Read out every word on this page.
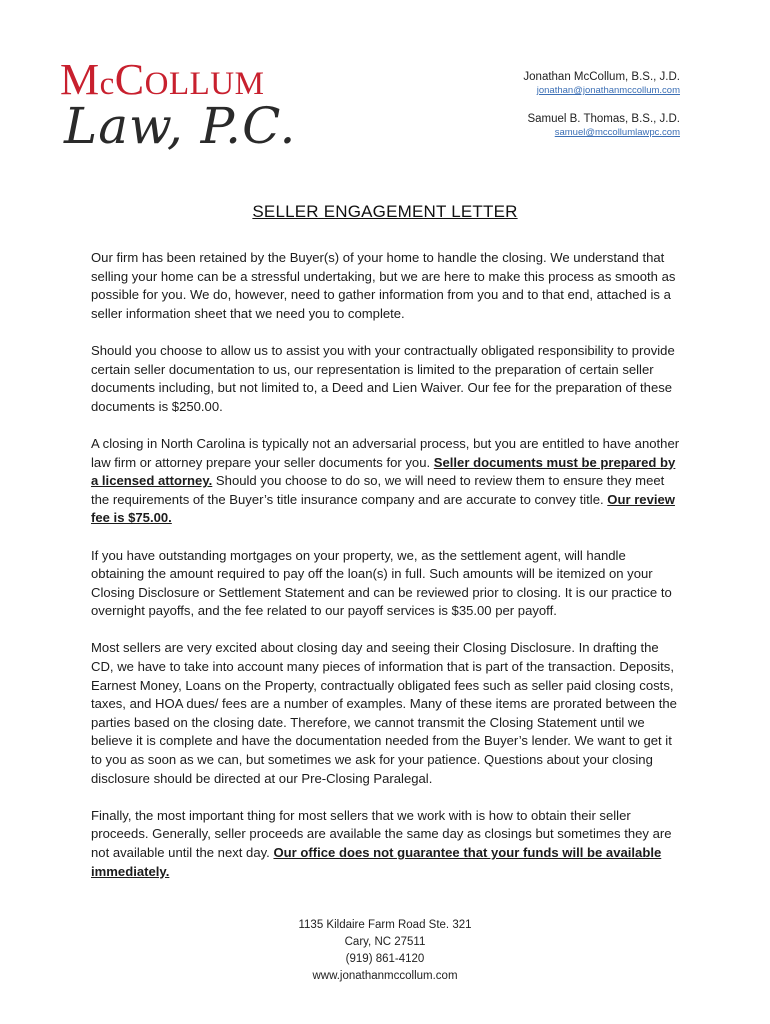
McCOLLUM
Law, P.C.
Jonathan McCollum, B.S., J.D.
jonathan@jonathanmccollum.com
Samuel B. Thomas, B.S., J.D.
samuel@mccollumlawpc.com
SELLER ENGAGEMENT LETTER

Our firm has been retained by the Buyer(s) of your home to handle the closing. We understand that selling your home can be a stressful undertaking, but we are here to make this process as smooth as possible for you. We do, however, need to gather information from you and to that end, attached is a seller information sheet that we need you to complete.

Should you choose to allow us to assist you with your contractually obligated responsibility to provide certain seller documentation to us, our representation is limited to the preparation of certain seller documents including, but not limited to, a Deed and Lien Waiver. Our fee for the preparation of these documents is $250.00.

A closing in North Carolina is typically not an adversarial process, but you are entitled to have another law firm or attorney prepare your seller documents for you. Seller documents must be prepared by a licensed attorney. Should you choose to do so, we will need to review them to ensure they meet the requirements of the Buyer’s title insurance company and are accurate to convey title. Our review fee is $75.00.

If you have outstanding mortgages on your property, we, as the settlement agent, will handle obtaining the amount required to pay off the loan(s) in full. Such amounts will be itemized on your Closing Disclosure or Settlement Statement and can be reviewed prior to closing. It is our practice to overnight payoffs, and the fee related to our payoff services is $35.00 per payoff.

Most sellers are very excited about closing day and seeing their Closing Disclosure. In drafting the CD, we have to take into account many pieces of information that is part of the transaction. Deposits, Earnest Money, Loans on the Property, contractually obligated fees such as seller paid closing costs, taxes, and HOA dues/ fees are a number of examples. Many of these items are prorated between the parties based on the closing date. Therefore, we cannot transmit the Closing Statement until we believe it is complete and have the documentation needed from the Buyer’s lender. We want to get it to you as soon as we can, but sometimes we ask for your patience. Questions about your closing disclosure should be directed at our Pre-Closing Paralegal.

Finally, the most important thing for most sellers that we work with is how to obtain their seller proceeds. Generally, seller proceeds are available the same day as closings but sometimes they are not available until the next day. Our office does not guarantee that your funds will be available immediately.

1135 Kildaire Farm Road Ste. 321
Cary, NC 27511
(919) 861-4120
www.jonathanmccollum.com
